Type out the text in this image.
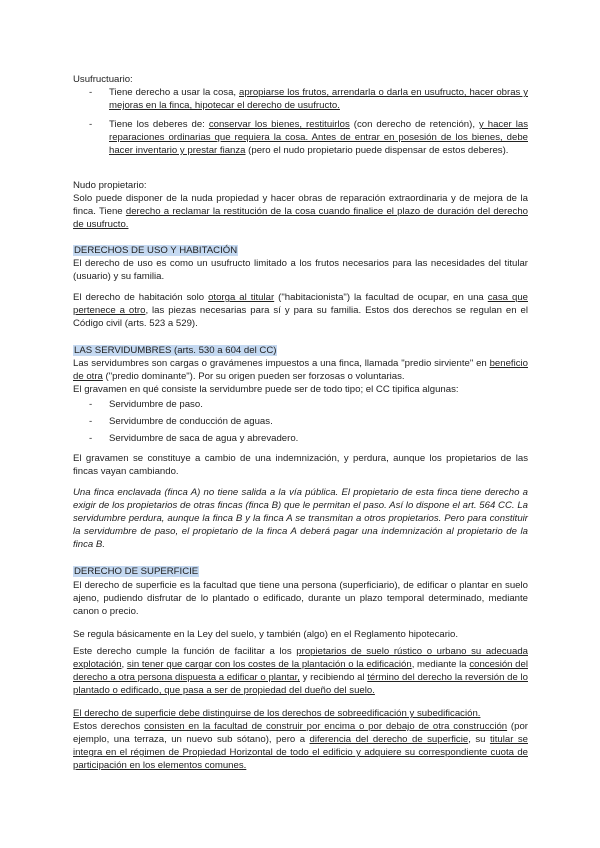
Usufructuario:

- Tiene derecho a usar la cosa, apropiarse los frutos, arrendarla o darla en usufructo, hacer obras y mejoras en la finca, hipotecar el derecho de usufructo.
- Tiene los deberes de: conservar los bienes, restituirlos (con derecho de retención), y hacer las reparaciones ordinarias que requiera la cosa. Antes de entrar en posesión de los bienes, debe hacer inventario y prestar fianza (pero el nudo propietario puede dispensar de estos deberes).

Nudo propietario:

Solo puede disponer de la nuda propiedad y hacer obras de reparación extraordinaria y de mejora de la finca. Tiene derecho a reclamar la restitución de la cosa cuando finalice el plazo de duración del derecho de usufructo.

DERECHOS DE USO Y HABITACIÓN

El derecho de uso es como un usufructo limitado a los frutos necesarios para las necesidades del titular (usuario) y su familia.

El derecho de habitación solo otorga al titular ("habitacionista") la facultad de ocupar, en una casa que pertenece a otro, las piezas necesarias para sí y para su familia. Estos dos derechos se regulan en el Código civil (arts. 523 a 529).

LAS SERVIDUMBRES (arts. 530 a 604 del CC)

Las servidumbres son cargas o gravámenes impuestos a una finca, llamada "predio sirviente" en beneficio de otra ("predio dominante"). Por su origen pueden ser forzosas o voluntarias.

El gravamen en qué consiste la servidumbre puede ser de todo tipo; el CC tipifica algunas:

- Servidumbre de paso.
- Servidumbre de conducción de aguas.
- Servidumbre de saca de agua y abrevadero.

El gravamen se constituye a cambio de una indemnización, y perdura, aunque los propietarios de las fincas vayan cambiando.

Una finca enclavada (finca A) no tiene salida a la vía pública. El propietario de esta finca tiene derecho a exigir de los propietarios de otras fincas (finca B) que le permitan el paso. Así lo dispone el art. 564 CC. La servidumbre perdura, aunque la finca B y la finca A se transmitan a otros propietarios. Pero para constituir la servidumbre de paso, el propietario de la finca A deberá pagar una indemnización al propietario de la finca B.

DERECHO DE SUPERFICIE

El derecho de superficie es la facultad que tiene una persona (superficiario), de edificar o plantar en suelo ajeno, pudiendo disfrutar de lo plantado o edificado, durante un plazo temporal determinado, mediante canon o precio.

Se regula básicamente en la Ley del suelo, y también (algo) en el Reglamento hipotecario.

Este derecho cumple la función de facilitar a los propietarios de suelo rústico o urbano su adecuada explotación, sin tener que cargar con los costes de la plantación o la edificación, mediante la concesión del derecho a otra persona dispuesta a edificar o plantar, y recibiendo al término del derecho la reversión de lo plantado o edificado, que pasa a ser de propiedad del dueño del suelo.

El derecho de superficie debe distinguirse de los derechos de sobreedificación y subedificación.

Estos derechos consisten en la facultad de construir por encima o por debajo de otra construcción (por ejemplo, una terraza, un nuevo sub sótano), pero a diferencia del derecho de superficie, su titular se integra en el régimen de Propiedad Horizontal de todo el edificio y adquiere su correspondiente cuota de participación en los elementos comunes.
